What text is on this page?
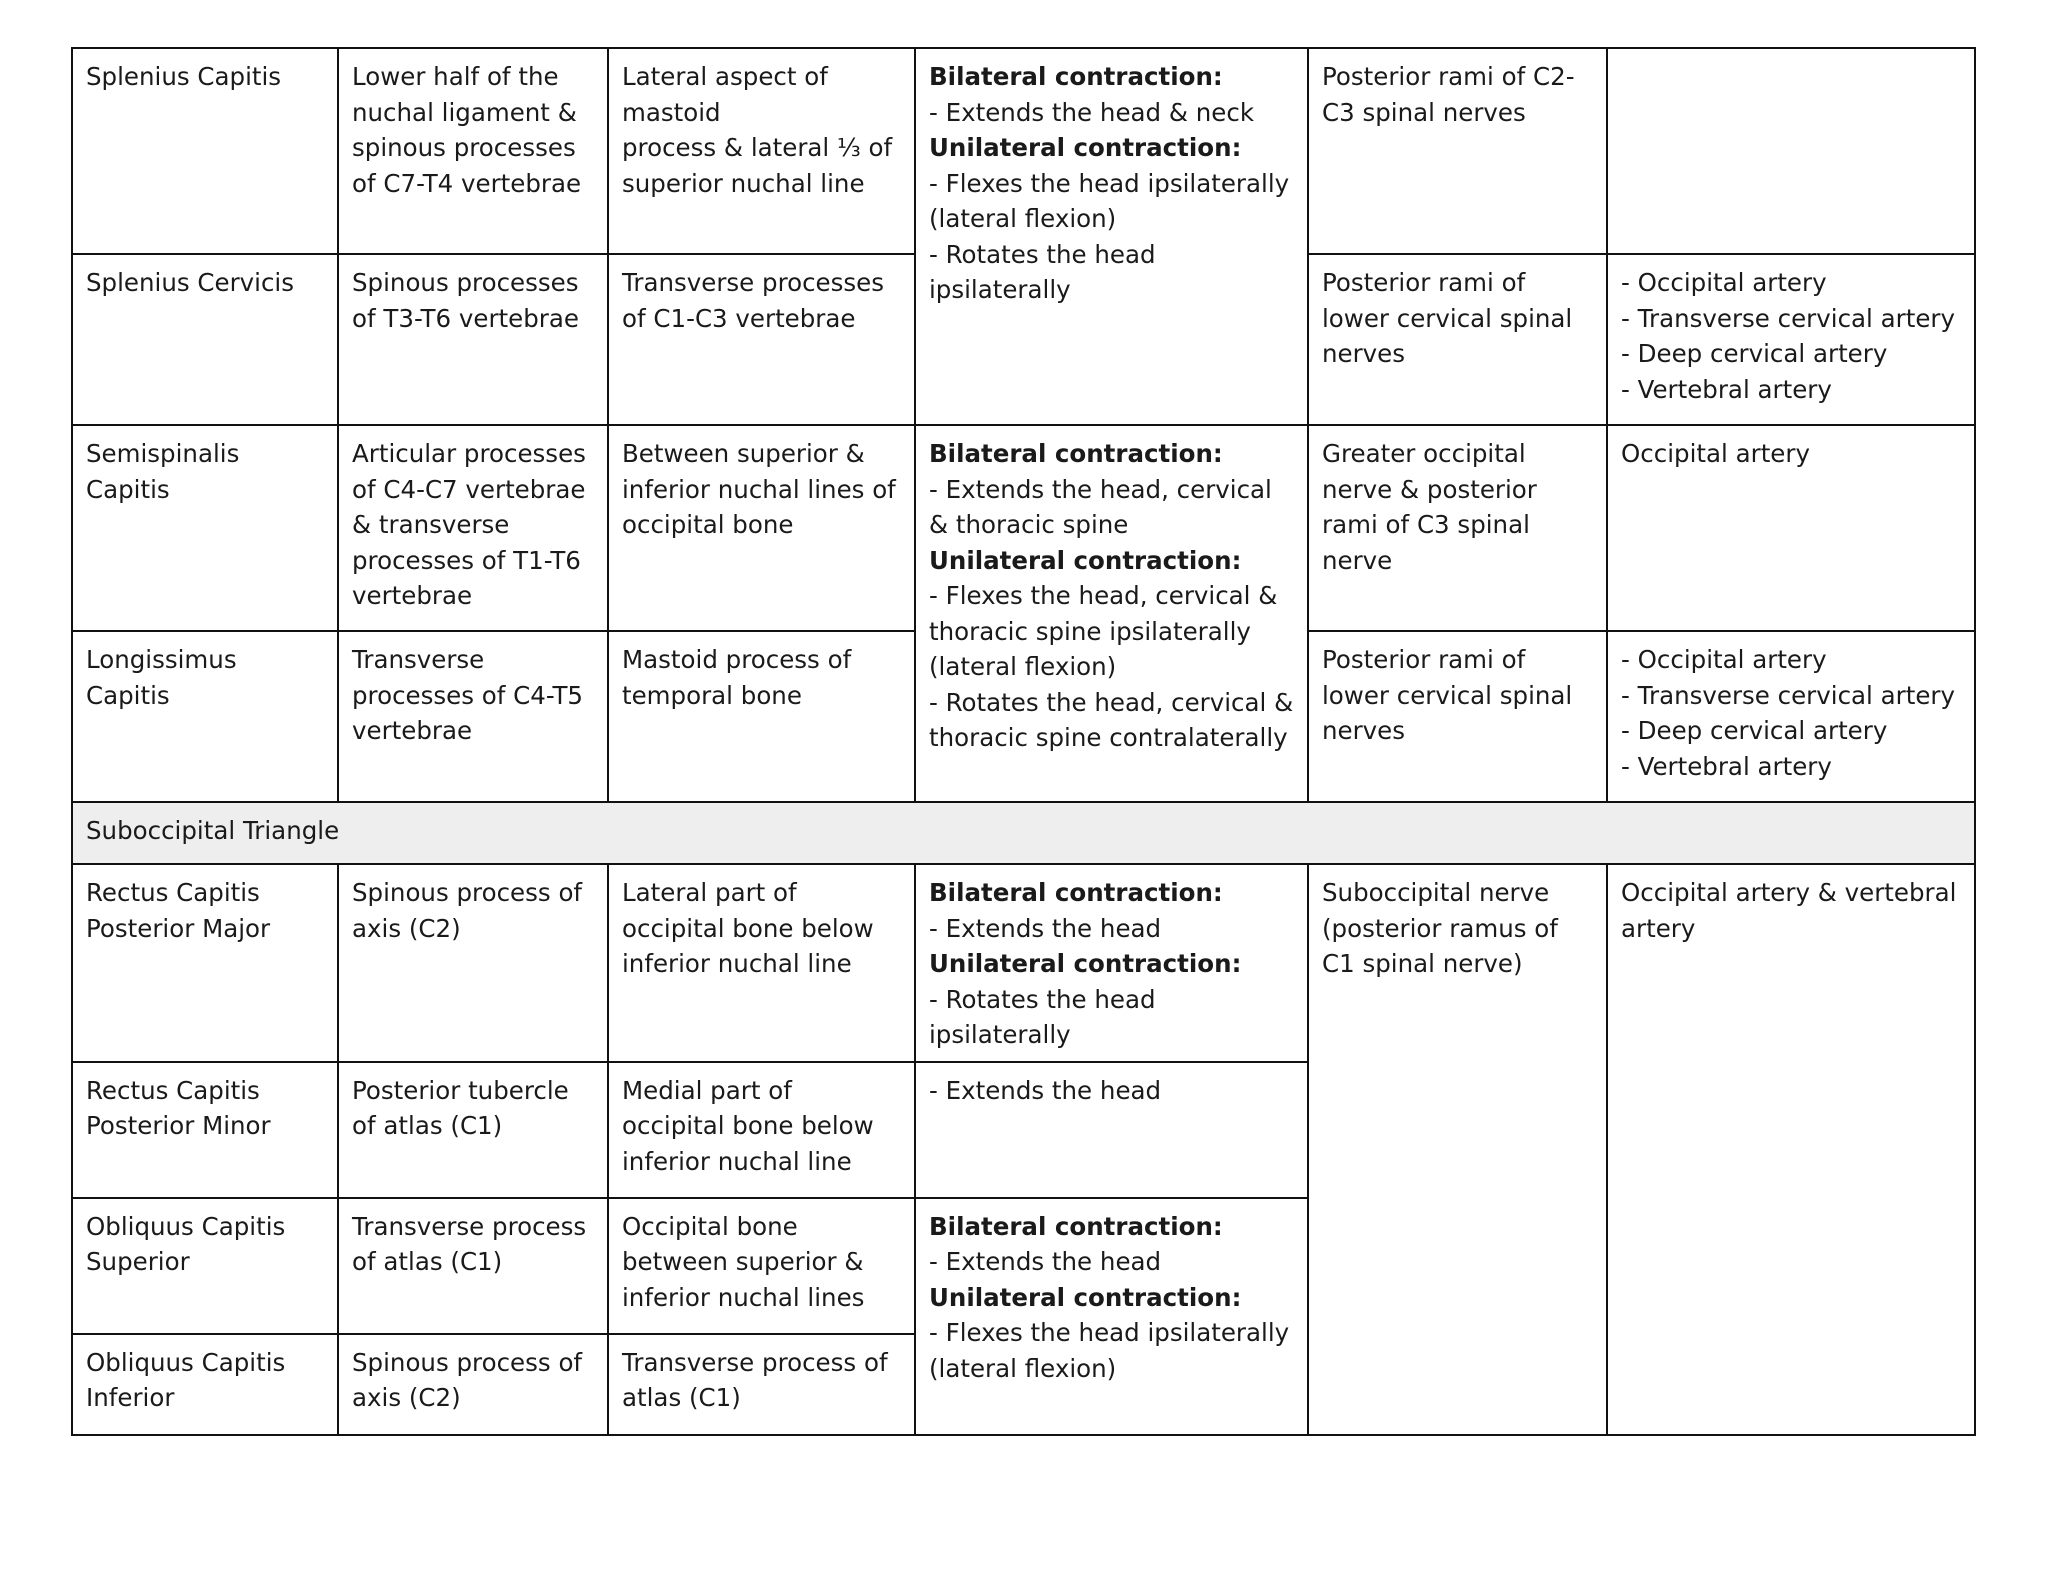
Splenius Capitis	Lower half of the nuchal ligament & spinous processes of C7-T4 vertebrae	Lateral aspect of mastoid
process & lateral ⅓ of superior nuchal line	Bilateral contraction:
- Extends the head & neck
Unilateral contraction:
- Flexes the head ipsilaterally (lateral flexion)
- Rotates the head ipsilaterally	Posterior rami of C2-C3 spinal nerves	
Splenius Cervicis	Spinous processes of T3-T6 vertebrae	Transverse processes of C1-C3 vertebrae		Posterior rami of lower cervical spinal nerves	- Occipital artery
- Transverse cervical artery
- Deep cervical artery
- Vertebral artery
Semispinalis Capitis	Articular processes of C4-C7 vertebrae & transverse processes of T1-T6 vertebrae	Between superior & inferior nuchal lines of occipital bone	Bilateral contraction:
- Extends the head, cervical & thoracic spine
Unilateral contraction:
- Flexes the head, cervical & thoracic spine ipsilaterally (lateral flexion)
- Rotates the head, cervical & thoracic spine contralaterally	Greater occipital nerve & posterior rami of C3 spinal nerve	Occipital artery
Longissimus Capitis	Transverse processes of C4-T5 vertebrae	Mastoid process of temporal bone		Posterior rami of lower cervical spinal nerves	- Occipital artery
- Transverse cervical artery
- Deep cervical artery
- Vertebral artery
Suboccipital Triangle					
Rectus Capitis Posterior Major	Spinous process of axis (C2)	Lateral part of occipital bone below inferior nuchal line	Bilateral contraction:
- Extends the head
Unilateral contraction:
- Rotates the head ipsilaterally	Suboccipital nerve (posterior ramus of C1 spinal nerve)	Occipital artery & vertebral artery
Rectus Capitis Posterior Minor	Posterior tubercle of atlas (C1)	Medial part of occipital bone below inferior nuchal line	- Extends the head		
Obliquus Capitis Superior	Transverse process of atlas (C1)	Occipital bone between superior & inferior nuchal lines	Bilateral contraction:
- Extends the head
Unilateral contraction:
- Flexes the head ipsilaterally (lateral flexion)		

Obliquus Capitis Inferior	Spinous process of axis (C2)	Transverse process of atlas (C1)			
